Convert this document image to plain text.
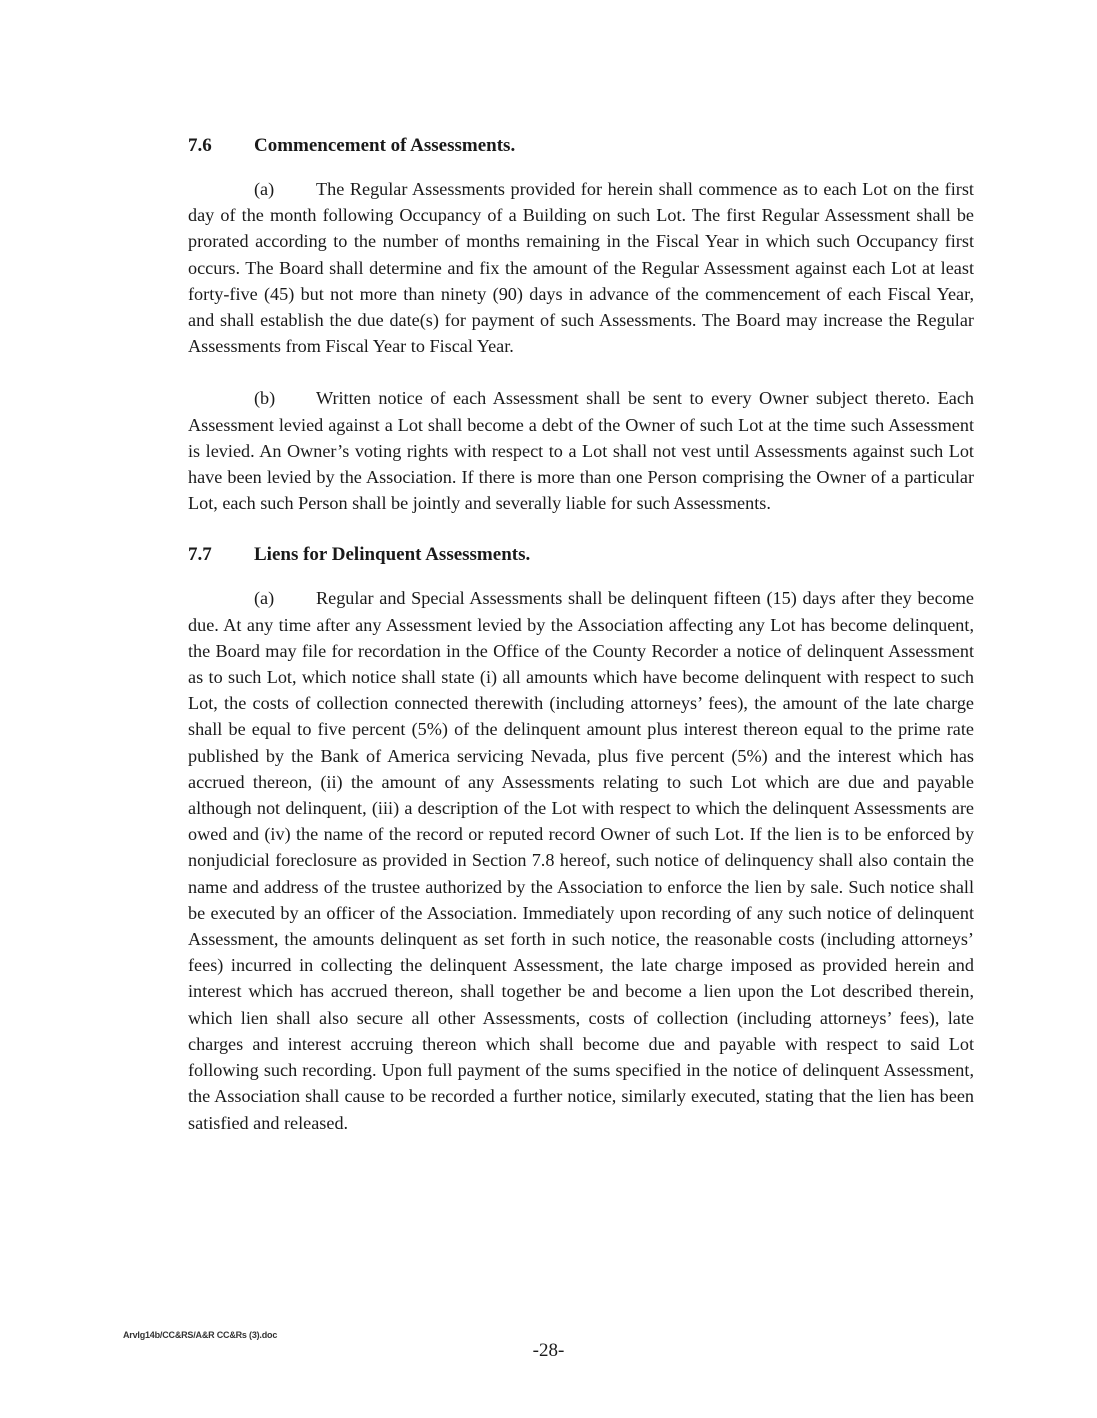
7.6 Commencement of Assessments.

(a) The Regular Assessments provided for herein shall commence as to each Lot on the first day of the month following Occupancy of a Building on such Lot. The first Regular Assessment shall be prorated according to the number of months remaining in the Fiscal Year in which such Occupancy first occurs. The Board shall determine and fix the amount of the Regular Assessment against each Lot at least forty-five (45) but not more than ninety (90) days in advance of the commencement of each Fiscal Year, and shall establish the due date(s) for payment of such Assessments. The Board may increase the Regular Assessments from Fiscal Year to Fiscal Year.

(b) Written notice of each Assessment shall be sent to every Owner subject thereto. Each Assessment levied against a Lot shall become a debt of the Owner of such Lot at the time such Assessment is levied. An Owner’s voting rights with respect to a Lot shall not vest until Assessments against such Lot have been levied by the Association. If there is more than one Person comprising the Owner of a particular Lot, each such Person shall be jointly and severally liable for such Assessments.

7.7 Liens for Delinquent Assessments.

(a) Regular and Special Assessments shall be delinquent fifteen (15) days after they become due. At any time after any Assessment levied by the Association affecting any Lot has become delinquent, the Board may file for recordation in the Office of the County Recorder a notice of delinquent Assessment as to such Lot, which notice shall state (i) all amounts which have become delinquent with respect to such Lot, the costs of collection connected therewith (including attorneys’ fees), the amount of the late charge shall be equal to five percent (5%) of the delinquent amount plus interest thereon equal to the prime rate published by the Bank of America servicing Nevada, plus five percent (5%) and the interest which has accrued thereon, (ii) the amount of any Assessments relating to such Lot which are due and payable although not delinquent, (iii) a description of the Lot with respect to which the delinquent Assessments are owed and (iv) the name of the record or reputed record Owner of such Lot. If the lien is to be enforced by nonjudicial foreclosure as provided in Section 7.8 hereof, such notice of delinquency shall also contain the name and address of the trustee authorized by the Association to enforce the lien by sale. Such notice shall be executed by an officer of the Association. Immediately upon recording of any such notice of delinquent Assessment, the amounts delinquent as set forth in such notice, the reasonable costs (including attorneys’ fees) incurred in collecting the delinquent Assessment, the late charge imposed as provided herein and interest which has accrued thereon, shall together be and become a lien upon the Lot described therein, which lien shall also secure all other Assessments, costs of collection (including attorneys’ fees), late charges and interest accruing thereon which shall become due and payable with respect to said Lot following such recording. Upon full payment of the sums specified in the notice of delinquent Assessment, the Association shall cause to be recorded a further notice, similarly executed, stating that the lien has been satisfied and released.

Arvlg14b/CC&RS/A&R CC&Rs (3).doc
-28-
